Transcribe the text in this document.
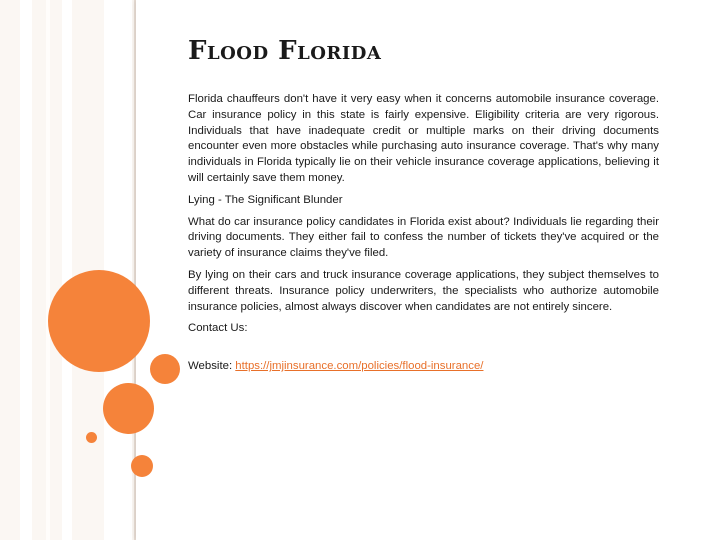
Flood Florida

Florida chauffeurs don't have it very easy when it concerns automobile insurance coverage. Car insurance policy in this state is fairly expensive. Eligibility criteria are very rigorous. Individuals that have inadequate credit or multiple marks on their driving documents encounter even more obstacles while purchasing auto insurance coverage. That's why many individuals in Florida typically lie on their vehicle insurance coverage applications, believing it will certainly save them money.

Lying - The Significant Blunder

What do car insurance policy candidates in Florida exist about? Individuals lie regarding their driving documents. They either fail to confess the number of tickets they've acquired or the variety of insurance claims they've filed.

By lying on their cars and truck insurance coverage applications, they subject themselves to different threats. Insurance policy underwriters, the specialists who authorize automobile insurance policies, almost always discover when candidates are not entirely sincere.

Contact Us:

Website: https://jmjinsurance.com/policies/flood-insurance/
